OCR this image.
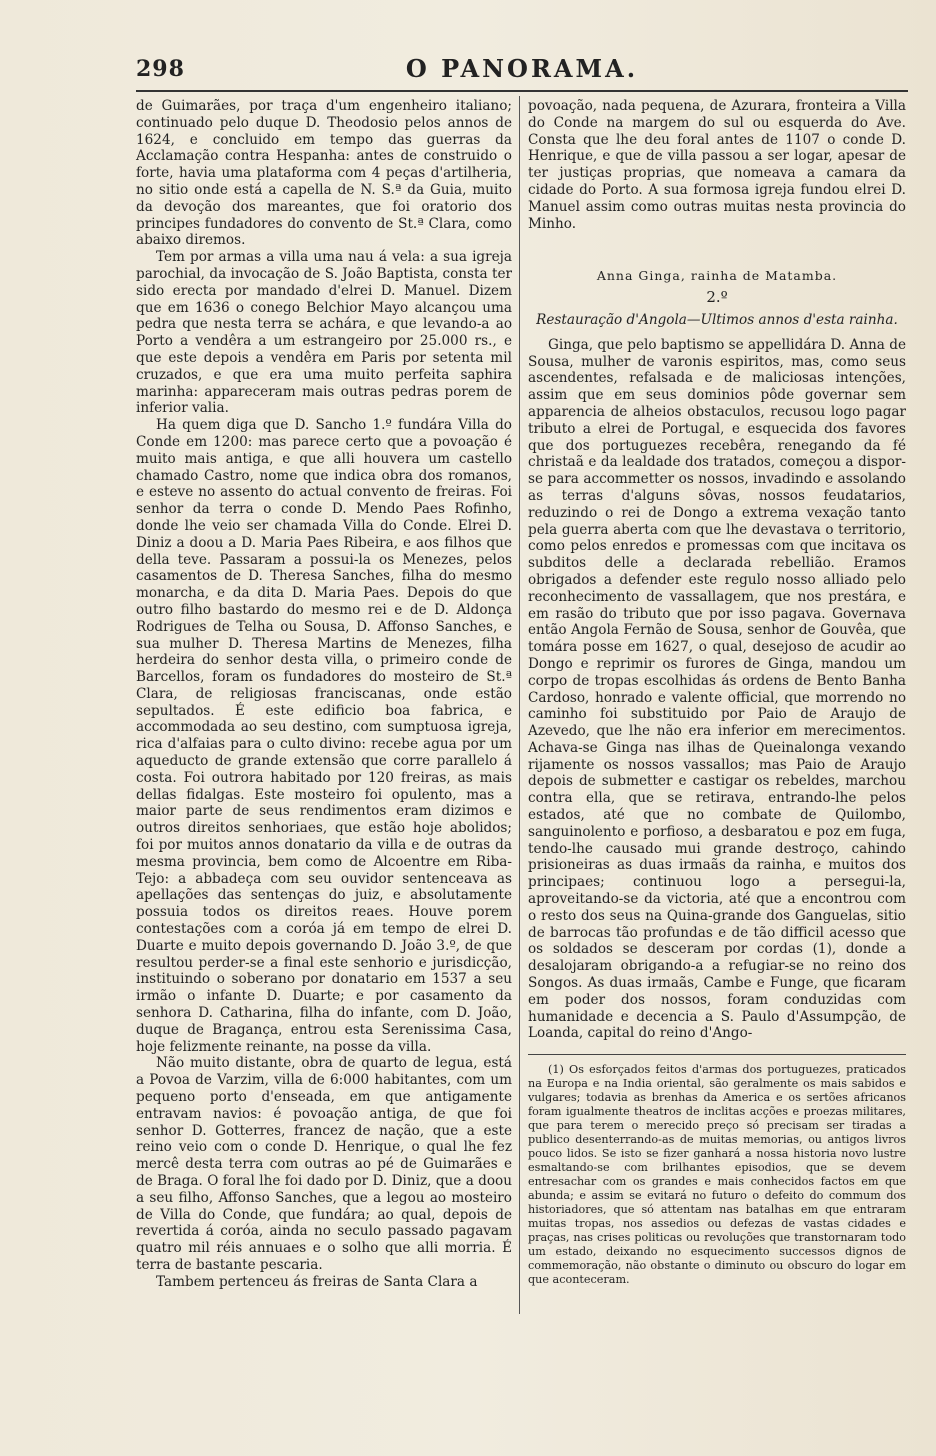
298	O PANORAMA.

de Guimarães, por traça d'um engenheiro italiano; continuado pelo duque D. Theodosio pelos annos de 1624, e concluido em tempo das guerras da Acclamação contra Hespanha: antes de construido o forte, havia uma plataforma com 4 peças d'artilheria, no sitio onde está a capella de N. S.ª da Guia, muito da devoção dos mareantes, que foi oratorio dos principes fundadores do convento de St.ª Clara, como abaixo diremos.

Tem por armas a villa uma nau á vela: a sua igreja parochial, da invocação de S. João Baptista, consta ter sido erecta por mandado d'elrei D. Manuel. Dizem que em 1636 o conego Belchior Mayo alcançou uma pedra que nesta terra se achára, e que levando-a ao Porto a vendêra a um estrangeiro por 25.000 rs., e que este depois a vendêra em Paris por setenta mil cruzados, e que era uma muito perfeita saphira marinha: appareceram mais outras pedras porem de inferior valia.

Ha quem diga que D. Sancho 1.º fundára Villa do Conde em 1200: mas parece certo que a povoação é muito mais antiga, e que alli houvera um castello chamado Castro, nome que indica obra dos romanos, e esteve no assento do actual convento de freiras. Foi senhor da terra o conde D. Mendo Paes Rofinho, donde lhe veio ser chamada Villa do Conde. Elrei D. Diniz a doou a D. Maria Paes Ribeira, e aos filhos que della teve. Passaram a possui-la os Menezes, pelos casamentos de D. Theresa Sanches, filha do mesmo monarcha, e da dita D. Maria Paes. Depois do que outro filho bastardo do mesmo rei e de D. Aldonça Rodrigues de Telha ou Sousa, D. Affonso Sanches, e sua mulher D. Theresa Martins de Menezes, filha herdeira do senhor desta villa, o primeiro conde de Barcellos, foram os fundadores do mosteiro de St.ª Clara, de religiosas franciscanas, onde estão sepultados. É este edificio boa fabrica, e accommodada ao seu destino, com sumptuosa igreja, rica d'alfaias para o culto divino: recebe agua por um aqueducto de grande extensão que corre parallelo á costa. Foi outrora habitado por 120 freiras, as mais dellas fidalgas. Este mosteiro foi opulento, mas a maior parte de seus rendimentos eram dizimos e outros direitos senhoriaes, que estão hoje abolidos; foi por muitos annos donatario da villa e de outras da mesma provincia, bem como de Alcoentre em Riba-Tejo: a abbadeça com seu ouvidor sentenceava as apellações das sentenças do juiz, e absolutamente possuia todos os direitos reaes. Houve porem contestações com a coróa já em tempo de elrei D. Duarte e muito depois governando D. João 3.º, de que resultou perder-se a final este senhorio e jurisdicção, instituindo o soberano por donatario em 1537 a seu irmão o infante D. Duarte; e por casamento da senhora D. Catharina, filha do infante, com D. João, duque de Bragança, entrou esta Serenissima Casa, hoje felizmente reinante, na posse da villa.

Não muito distante, obra de quarto de legua, está a Povoa de Varzim, villa de 6:000 habitantes, com um pequeno porto d'enseada, em que antigamente entravam navios: é povoação antiga, de que foi senhor D. Gotterres, francez de nação, que a este reino veio com o conde D. Henrique, o qual lhe fez mercê desta terra com outras ao pé de Guimarães e de Braga. O foral lhe foi dado por D. Diniz, que a doou a seu filho, Affonso Sanches, que a legou ao mosteiro de Villa do Conde, que fundára; ao qual, depois de revertida á coróa, ainda no seculo passado pagavam quatro mil réis annuaes e o solho que alli morria. É terra de bastante pescaria.

Tambem pertenceu ás freiras de Santa Clara a

povoação, nada pequena, de Azurara, fronteira a Villa do Conde na margem do sul ou esquerda do Ave. Consta que lhe deu foral antes de 1107 o conde D. Henrique, e que de villa passou a ser logar, apesar de ter justiças proprias, que nomeava a camara da cidade do Porto. A sua formosa igreja fundou elrei D. Manuel assim como outras muitas nesta provincia do Minho.

Anna Ginga, rainha de Matamba.
2.º
Restauração d'Angola—Ultimos annos d'esta rainha.

Ginga, que pelo baptismo se appellidára D. Anna de Sousa, mulher de varonis espiritos, mas, como seus ascendentes, refalsada e de maliciosas intenções, assim que em seus dominios pôde governar sem apparencia de alheios obstaculos, recusou logo pagar tributo a elrei de Portugal, e esquecida dos favores que dos portuguezes recebêra, renegando da fé christaã e da lealdade dos tratados, começou a dispor-se para accommetter os nossos, invadindo e assolando as terras d'alguns sôvas, nossos feudatarios, reduzindo o rei de Dongo a extrema vexação tanto pela guerra aberta com que lhe devastava o territorio, como pelos enredos e promessas com que incitava os subditos delle a declarada rebellião. Eramos obrigados a defender este regulo nosso alliado pelo reconhecimento de vassallagem, que nos prestára, e em rasão do tributo que por isso pagava. Governava então Angola Fernão de Sousa, senhor de Gouvêa, que tomára posse em 1627, o qual, desejoso de acudir ao Dongo e reprimir os furores de Ginga, mandou um corpo de tropas escolhidas ás ordens de Bento Banha Cardoso, honrado e valente official, que morrendo no caminho foi substituido por Paio de Araujo de Azevedo, que lhe não era inferior em merecimentos. Achava-se Ginga nas ilhas de Queinalonga vexando rijamente os nossos vassallos; mas Paio de Araujo depois de submetter e castigar os rebeldes, marchou contra ella, que se retirava, entrando-lhe pelos estados, até que no combate de Quilombo, sanguinolento e porfioso, a desbaratou e poz em fuga, tendo-lhe causado mui grande destroço, cahindo prisioneiras as duas irmaãs da rainha, e muitos dos principaes; continuou logo a persegui-la, aproveitando-se da victoria, até que a encontrou com o resto dos seus na Quina-grande dos Ganguelas, sitio de barrocas tão profundas e de tão difficil acesso que os soldados se desceram por cordas (1), donde a desalojaram obrigando-a a refugiar-se no reino dos Songos. As duas irmaãs, Cambe e Funge, que ficaram em poder dos nossos, foram conduzidas com humanidade e decencia a S. Paulo d'Assumpção, de Loanda, capital do reino d'Ango-

(1) Os esforçados feitos d'armas dos portuguezes, praticados na Europa e na India oriental, são geralmente os mais sabidos e vulgares; todavia as brenhas da America e os sertões africanos foram igualmente theatros de inclitas acções e proezas militares, que para terem o merecido preço só precisam ser tiradas a publico desenterrando-as de muitas memorias, ou antigos livros pouco lidos. Se isto se fizer ganhará a nossa historia novo lustre esmaltando-se com brilhantes episodios, que se devem entresachar com os grandes e mais conhecidos factos em que abunda; e assim se evitará no futuro o defeito do commum dos historiadores, que só attentam nas batalhas em que entraram muitas tropas, nos assedios ou defezas de vastas cidades e praças, nas crises politicas ou revoluções que transtornaram todo um estado, deixando no esquecimento successos dignos de commemoração, não obstante o diminuto ou obscuro do logar em que aconteceram.
